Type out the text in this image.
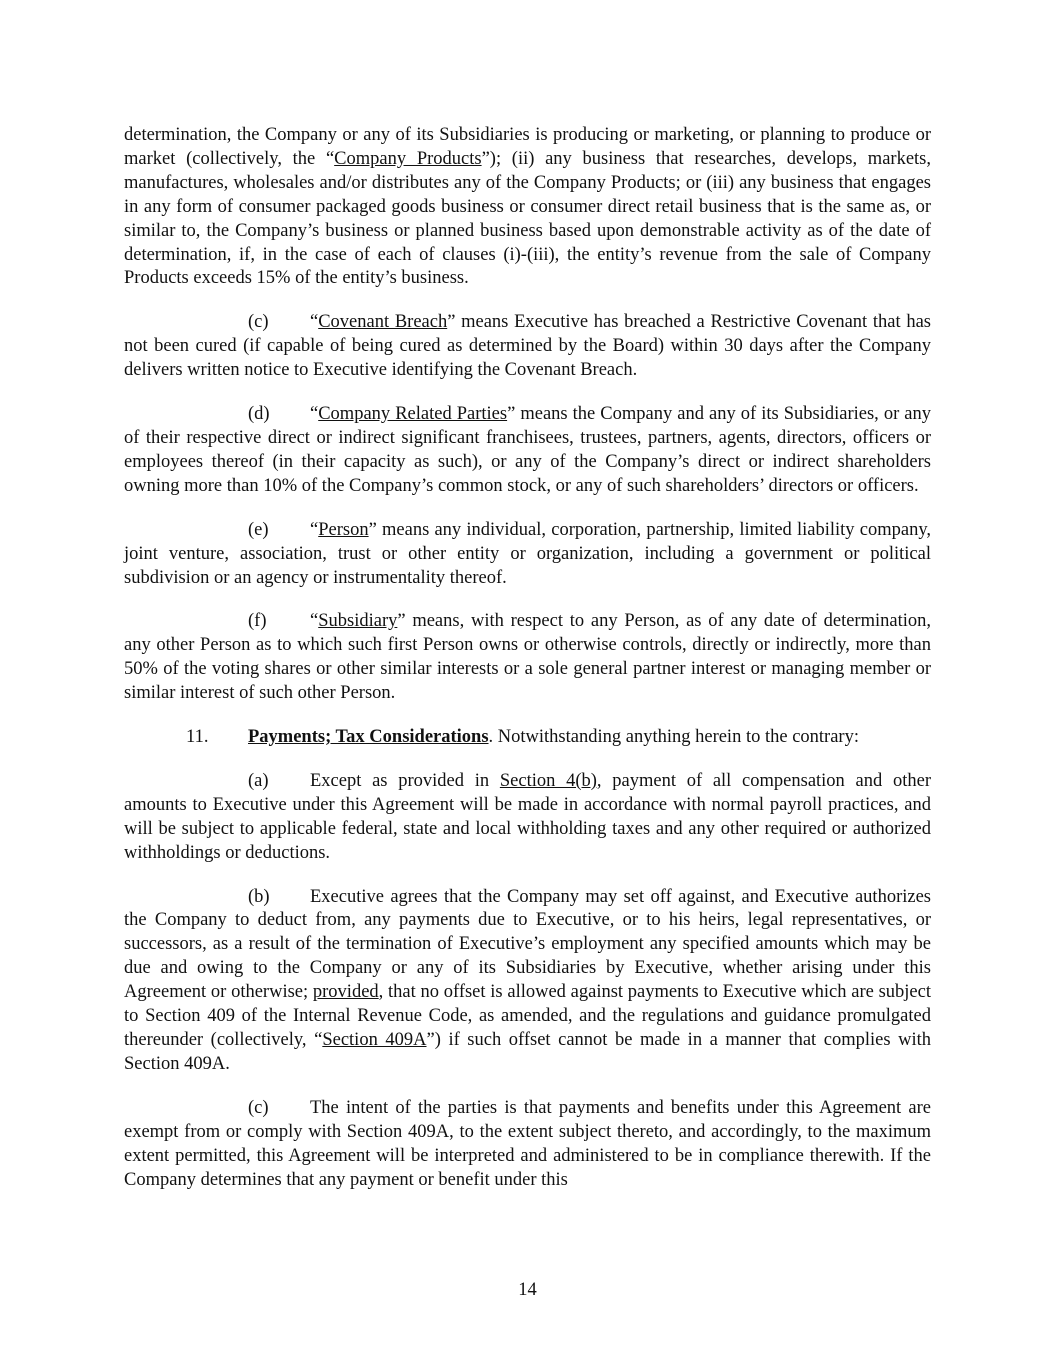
determination, the Company or any of its Subsidiaries is producing or marketing, or planning to produce or market (collectively, the “Company Products”); (ii) any business that researches, develops, markets, manufactures, wholesales and/or distributes any of the Company Products; or (iii) any business that engages in any form of consumer packaged goods business or consumer direct retail business that is the same as, or similar to, the Company’s business or planned business based upon demonstrable activity as of the date of determination, if, in the case of each of clauses (i)-(iii), the entity’s revenue from the sale of Company Products exceeds 15% of the entity’s business.

(c) “Covenant Breach” means Executive has breached a Restrictive Covenant that has not been cured (if capable of being cured as determined by the Board) within 30 days after the Company delivers written notice to Executive identifying the Covenant Breach.

(d) “Company Related Parties” means the Company and any of its Subsidiaries, or any of their respective direct or indirect significant franchisees, trustees, partners, agents, directors, officers or employees thereof (in their capacity as such), or any of the Company’s direct or indirect shareholders owning more than 10% of the Company’s common stock, or any of such shareholders’ directors or officers.

(e) “Person” means any individual, corporation, partnership, limited liability company, joint venture, association, trust or other entity or organization, including a government or political subdivision or an agency or instrumentality thereof.

(f) “Subsidiary” means, with respect to any Person, as of any date of determination, any other Person as to which such first Person owns or otherwise controls, directly or indirectly, more than 50% of the voting shares or other similar interests or a sole general partner interest or managing member or similar interest of such other Person.

11. Payments; Tax Considerations. Notwithstanding anything herein to the contrary:

(a) Except as provided in Section 4(b), payment of all compensation and other amounts to Executive under this Agreement will be made in accordance with normal payroll practices, and will be subject to applicable federal, state and local withholding taxes and any other required or authorized withholdings or deductions.

(b) Executive agrees that the Company may set off against, and Executive authorizes the Company to deduct from, any payments due to Executive, or to his heirs, legal representatives, or successors, as a result of the termination of Executive’s employment any specified amounts which may be due and owing to the Company or any of its Subsidiaries by Executive, whether arising under this Agreement or otherwise; provided, that no offset is allowed against payments to Executive which are subject to Section 409 of the Internal Revenue Code, as amended, and the regulations and guidance promulgated thereunder (collectively, “Section 409A”) if such offset cannot be made in a manner that complies with Section 409A.

(c) The intent of the parties is that payments and benefits under this Agreement are exempt from or comply with Section 409A, to the extent subject thereto, and accordingly, to the maximum extent permitted, this Agreement will be interpreted and administered to be in compliance therewith. If the Company determines that any payment or benefit under this

14
